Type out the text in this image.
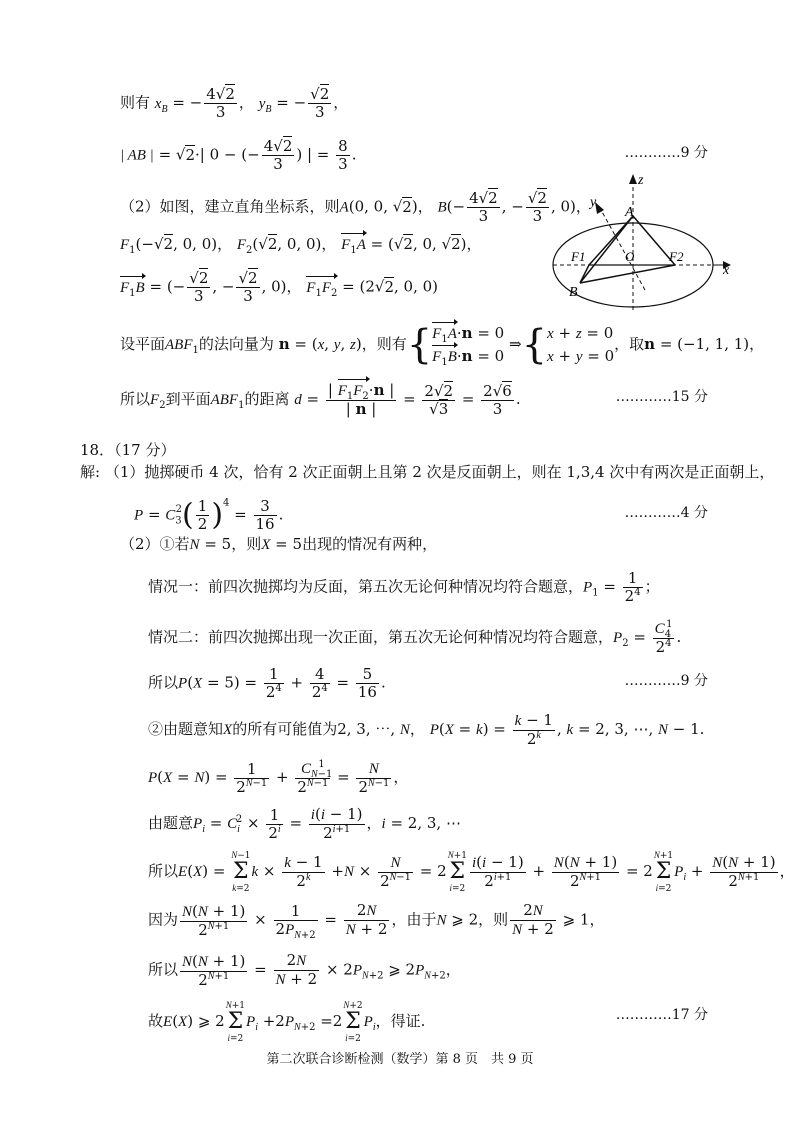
则有 $x_B$ = − $\frac{4√2}{3}$ ， $y_B$ = − $\frac{√2}{3}$ ，
| AB | = √2·| 0 − (− $\frac{4√2}{3}$ ) | = $\frac{8}{3}$ .	…………9 分
（2）如图，建立直角坐标系，则A(0, 0, √2)， $B(- \frac{4√2}{3}$ , − $\frac{√2}{3}$ , 0)，
$F_1(-√2$, 0, 0)， $F_2(√2$, 0, 0)， $F_1A = (√2$, 0, √2)，
$F_1B$ = (− $\frac{√2}{3}$ , − $\frac{√2}{3}$ , 0)， $F_1F_2 = (2√2$, 0, 0)
设平面$ABF_1$的法向量为 n = (x, y, z)，则有{ $F_1A\cdot n = 0$
$F_1B\cdot n = 0$
⇒{ x + z = 0
x + y = 0
，取n = (−1, 1, 1)，
所以$F_2$到平面$ABF_1$的距离 $d = \frac{| F_1F_2\cdot n |}{| n |} = \frac{2√2}{√3} = \frac{2√6}{3}$ .	…………15 分
z
y
x
A
B
O
F1	F2
18．（17 分）
解: （1）抛掷硬币 4 次，恰有 2 次正面朝上且第 2 次是反面朝上，则在 1,3,4 次中有两次是正面朝上，
$P = C_3^2( \frac{1}{2} )^4 = \frac{3}{16}$ .	…………4 分
（2）①若N = 5，则X = 5出现的情况有两种，
情况一：前四次抛掷均为反面，第五次无论何种情况均符合题意，$P_1 = \frac{1}{2^4}$ ；
情况二：前四次抛掷出现一次正面，第五次无论何种情况均符合题意，$P_2 = \frac{C_4^1}{2^4}$ .
所以$P(X = 5) = \frac{1}{2^4} + \frac{4}{2^4} = \frac{5}{16}$ .	…………9 分
②由题意知X的所有可能值为2, 3, ⋯, N， $P(X = k) = \frac{k - 1}{2^k}$ , k = 2, 3, ⋯, N − 1.
$P(X = N) = \frac{1}{2^{N-1}} + \frac{C_{N-1}^1}{2^{N-1}} = \frac{N}{2^{N-1}}$ ，
由题意$P_i = C_i^2 \times \frac{1}{2^i} = \frac{i(i - 1)}{2^{i+1}}$ ，i = 2, 3, ⋯
所以E(X) =
N−1
Σ
k=2
$k \times \frac{k - 1}{2^k} +N \times \frac{N}{2^{N-1}} = 2$
N+1
Σ
$i=2 \frac{i(i - 1)}{2^{i+1}} + \frac{N(N + 1)}{2^{N+1}} = 2$
N+1
Σ
i=2
$P_i + \frac{N(N + 1)}{2^{N+1}}$ ，
因为 $\frac{N(N + 1)}{2^{N+1}} \times \frac{1}{2P_{N+2}} = \frac{2N}{N + 2}$ ，由于N ⩾ 2，则 $\frac{2N}{N + 2}$ ⩾ 1，
所以 $\frac{N(N + 1)}{2^{N+1}} = \frac{2N}{N + 2} \times 2P_{N+2}$ ⩾ $2P_{N+2}$，
故E(X) ⩾ 2
N+1
Σ
i=2
$P_i +2P_{N+2} =2$
N+2
Σ
i=2
$P_i$，得证.	…………17 分
第二次联合诊断检测（数学）第 8 页　共 9 页
